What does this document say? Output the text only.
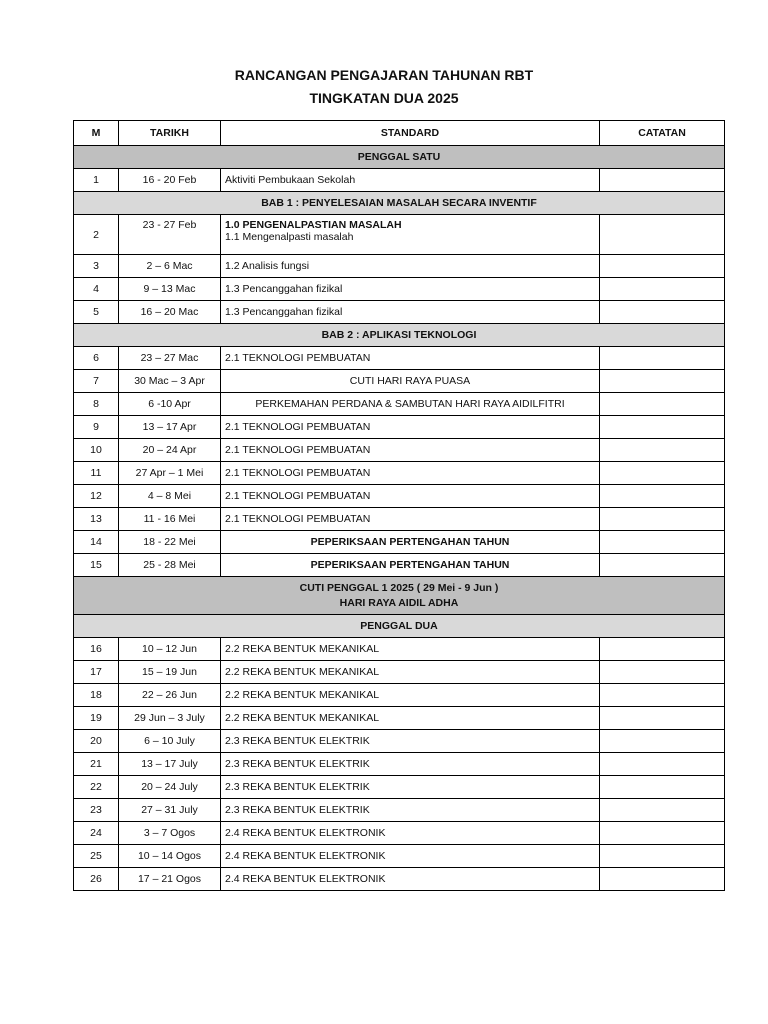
RANCANGAN PENGAJARAN TAHUNAN RBT
TINGKATAN DUA 2025
M	TARIKH	STANDARD	CATATAN
PENGGAL SATU			
1	16 - 20 Feb	Aktiviti Pembukaan Sekolah	
BAB 1 : PENYELESAIAN MASALAH SECARA INVENTIF			
2	23 - 27 Feb	1.0 PENGENALPASTIAN MASALAH
1.1 Mengenalpasti masalah	

3	2 – 6 Mac	1.2 Analisis fungsi	
4	9 – 13 Mac	1.3 Pencanggahan fizikal	
5	16 – 20 Mac	1.3 Pencanggahan fizikal	
BAB 2 : APLIKASI TEKNOLOGI			
6	23 – 27 Mac	2.1 TEKNOLOGI PEMBUATAN	
7	30 Mac – 3 Apr	CUTI HARI RAYA PUASA	
8	6 -10 Apr	PERKEMAHAN PERDANA & SAMBUTAN HARI RAYA AIDILFITRI	
9	13 – 17 Apr	2.1 TEKNOLOGI PEMBUATAN	
10	20 – 24 Apr	2.1 TEKNOLOGI PEMBUATAN	
11	27 Apr – 1 Mei	2.1 TEKNOLOGI PEMBUATAN	
12	4 – 8 Mei	2.1 TEKNOLOGI PEMBUATAN	
13	11 - 16 Mei	2.1 TEKNOLOGI PEMBUATAN	
14	18 - 22 Mei	PEPERIKSAAN PERTENGAHAN TAHUN	
15	25 - 28 Mei	PEPERIKSAAN PERTENGAHAN TAHUN	

CUTI PENGGAL 1 2025 ( 29 Mei - 9 Jun )
HARI RAYA AIDIL ADHA			

PENGGAL DUA			
16	10 – 12 Jun	2.2 REKA BENTUK MEKANIKAL	
17	15 – 19 Jun	2.2 REKA BENTUK MEKANIKAL	
18	22 – 26 Jun	2.2 REKA BENTUK MEKANIKAL	
19	29 Jun – 3 July	2.2 REKA BENTUK MEKANIKAL	
20	6 – 10 July	2.3 REKA BENTUK ELEKTRIK	
21	13 – 17 July	2.3 REKA BENTUK ELEKTRIK	
22	20 – 24 July	2.3 REKA BENTUK ELEKTRIK	
23	27 – 31 July	2.3 REKA BENTUK ELEKTRIK	
24	3 – 7 Ogos	2.4 REKA BENTUK ELEKTRONIK	
25	10 – 14 Ogos	2.4 REKA BENTUK ELEKTRONIK	
26	17 – 21 Ogos	2.4 REKA BENTUK ELEKTRONIK	
